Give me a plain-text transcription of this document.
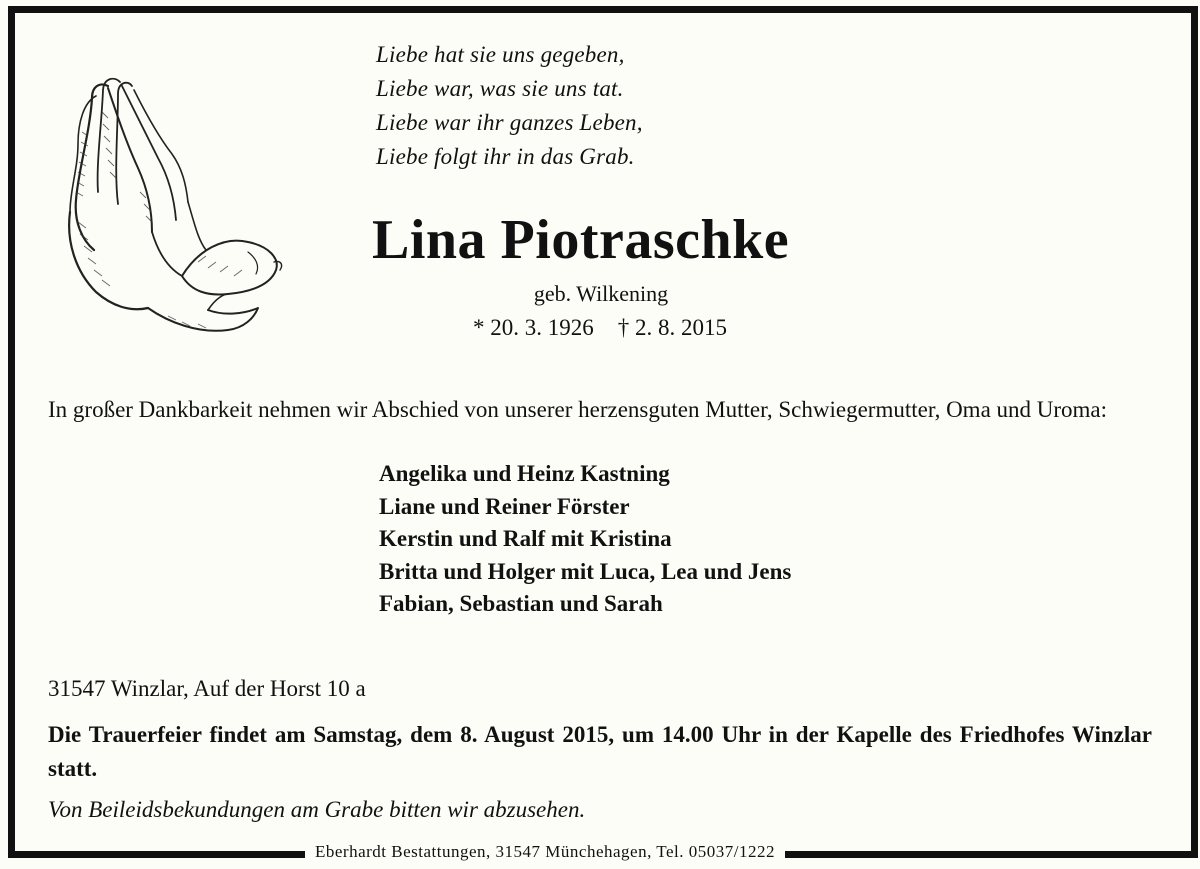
Liebe hat sie uns gegeben,
Liebe war, was sie uns tat.
Liebe war ihr ganzes Leben,
Liebe folgt ihr in das Grab.
Lina Piotraschke
geb. Wilkening
* 20. 3. 1926 † 2. 8. 2015
In großer Dankbarkeit nehmen wir Abschied von unserer herzensguten Mutter, Schwiegermutter, Oma und Uroma:
Angelika und Heinz Kastning
Liane und Reiner Förster
Kerstin und Ralf mit Kristina
Britta und Holger mit Luca, Lea und Jens
Fabian, Sebastian und Sarah
31547 Winzlar, Auf der Horst 10 a
Die Trauerfeier findet am Samstag, dem 8. August 2015, um 14.00 Uhr in der Kapelle des Friedhofes Winzlar statt.
Von Beileidsbekundungen am Grabe bitten wir abzusehen.
Eberhardt Bestattungen, 31547 Münchehagen, Tel. 05037/1222
